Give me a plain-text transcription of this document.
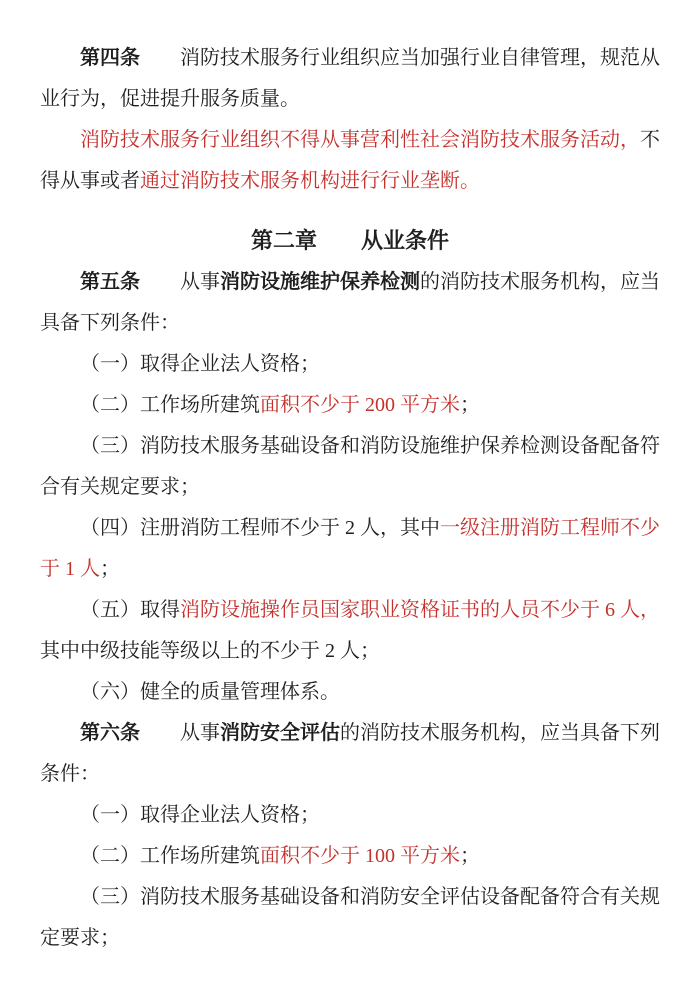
第四条　　消防技术服务行业组织应当加强行业自律管理，规范从业行为，促进提升服务质量。

消防技术服务行业组织不得从事营利性社会消防技术服务活动，不得从事或者通过消防技术服务机构进行行业垄断。

第二章　　从业条件

第五条　　从事消防设施维护保养检测的消防技术服务机构，应当具备下列条件：

（一）取得企业法人资格；

（二）工作场所建筑面积不少于 200 平方米；

（三）消防技术服务基础设备和消防设施维护保养检测设备配备符合有关规定要求；

（四）注册消防工程师不少于 2 人，其中一级注册消防工程师不少于 1 人；

（五）取得消防设施操作员国家职业资格证书的人员不少于 6 人，其中中级技能等级以上的不少于 2 人；

（六）健全的质量管理体系。

第六条　　从事消防安全评估的消防技术服务机构，应当具备下列条件：

（一）取得企业法人资格；

（二）工作场所建筑面积不少于 100 平方米；

（三）消防技术服务基础设备和消防安全评估设备配备符合有关规定要求；
